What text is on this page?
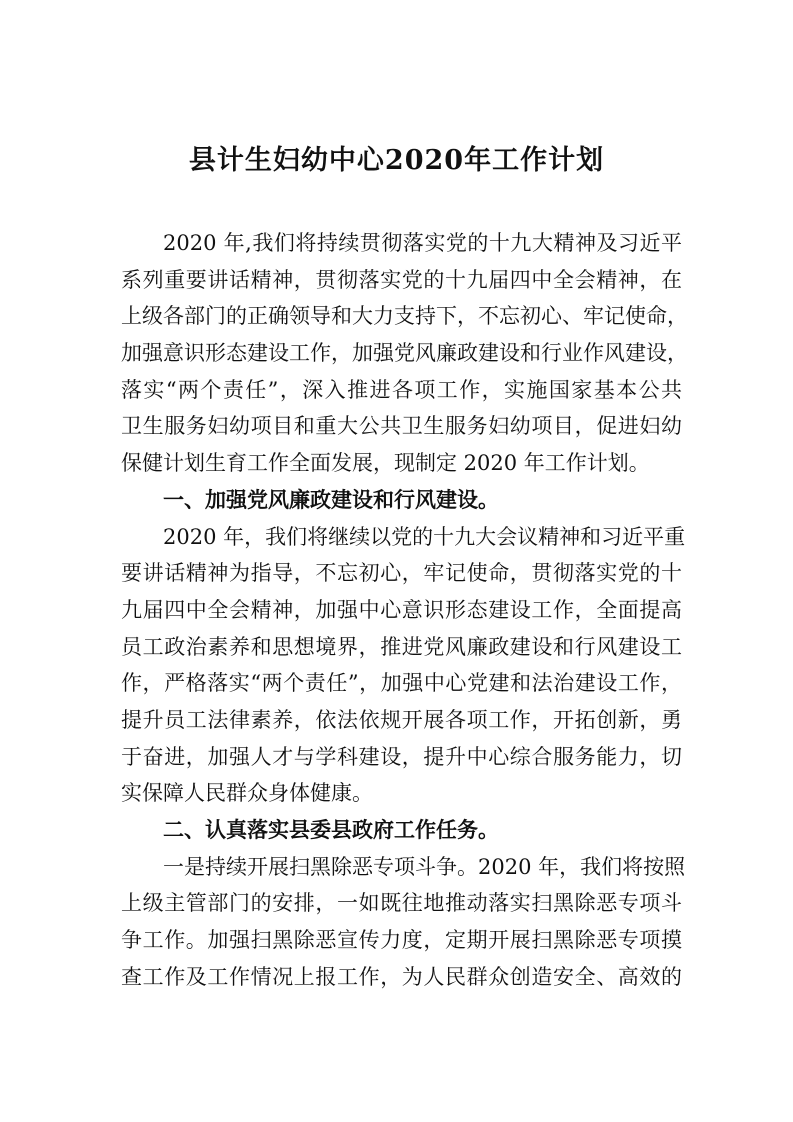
县计生妇幼中心2020年工作计划
2020 年,我们将持续贯彻落实党的十九大精神及习近平
系列重要讲话精神，贯彻落实党的十九届四中全会精神，在
上级各部门的正确领导和大力支持下，不忘初心、牢记使命，
加强意识形态建设工作，加强党风廉政建设和行业作风建设，
落实“两个责任”，深入推进各项工作，实施国家基本公共
卫生服务妇幼项目和重大公共卫生服务妇幼项目，促进妇幼
保健计划生育工作全面发展，现制定 2020 年工作计划。
一、加强党风廉政建设和行风建设。
2020 年，我们将继续以党的十九大会议精神和习近平重
要讲话精神为指导，不忘初心，牢记使命，贯彻落实党的十
九届四中全会精神，加强中心意识形态建设工作，全面提高
员工政治素养和思想境界，推进党风廉政建设和行风建设工
作，严格落实“两个责任”，加强中心党建和法治建设工作，
提升员工法律素养，依法依规开展各项工作，开拓创新，勇
于奋进，加强人才与学科建设，提升中心综合服务能力，切
实保障人民群众身体健康。
二、认真落实县委县政府工作任务。
一是持续开展扫黑除恶专项斗争。2020 年，我们将按照
上级主管部门的安排，一如既往地推动落实扫黑除恶专项斗
争工作。加强扫黑除恶宣传力度，定期开展扫黑除恶专项摸
查工作及工作情况上报工作，为人民群众创造安全、高效的
